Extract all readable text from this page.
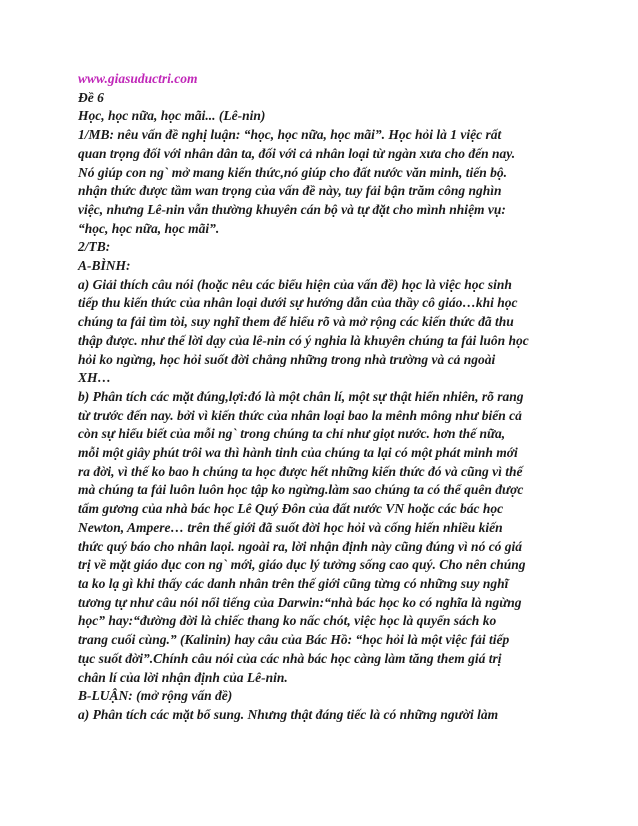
www.giasuductri.com
Đề 6
Học, học nữa, học mãi... (Lê-nin)
1/MB: nêu vấn đề nghị luận: “học, học nữa, học mãi”. Học hỏi là 1 việc rất
quan trọng đối với nhân dân ta, đối với cả nhân loại từ ngàn xưa cho đến nay.
Nó giúp con ng` mở mang kiến thức,nó giúp cho đất nước văn minh, tiến bộ.
nhận thức được tầm wan trọng của vấn đề này, tuy fải bận trăm công nghìn
việc, nhưng Lê-nin vẫn thường khuyên cán bộ và tự đặt cho mình nhiệm vụ:
“học, học nữa, học mãi”.
2/TB:
A-BÌNH:
a) Giải thích câu nói (hoặc nêu các biểu hiện của vấn đề) học là việc học sinh
tiếp thu kiến thức của nhân loại dưới sự hướng dẫn của thầy cô giáo…khi học
chúng ta fải tìm tòi, suy nghĩ them để hiểu rõ và mở rộng các kiến thức đã thu
thập được. như thế lời dạy của lê-nin có ý nghia là khuyên chúng ta fải luôn học
hỏi ko ngừng, học hỏi suốt đời chẳng những trong nhà trường và cả ngoài
XH…
b) Phân tích các mặt đúng,lợi:đó là một chân lí, một sự thật hiển nhiên, rõ rang
từ trước đến nay. bởi vì kiến thức của nhân loại bao la mênh mông như biển cả
còn sự hiểu biết của mỗi ng` trong chúng ta chỉ như giọt nước. hơn thế nữa,
mỗi một giây phút trôi wa thì hành tinh của chúng ta lại có một phát minh mới
ra đời, vì thế ko bao h chúng ta học được hết những kiến thức đó và cũng vì thế
mà chúng ta fải luôn luôn học tập ko ngừng.làm sao chúng ta có thể quên được
tấm gương của nhà bác học Lê Quý Đôn của đất nước VN hoặc các bác học
Newton, Ampere… trên thế giới đã suốt đời học hỏi và cống hiến nhiều kiến
thức quý báo cho nhân laọi. ngoài ra, lời nhận định này cũng đúng vì nó có giá
trị về mặt giáo dục con ng` mới, giáo dục lý tưởng sống cao quý. Cho nên chúng
ta ko lạ gì khi thấy các danh nhân trên thế giới cũng từng có những suy nghĩ
tương tự như câu nói nổi tiếng của Darwin:“nhà bác học ko có nghĩa là ngừng
học” hay:“đường đời là chiếc thang ko nấc chót, việc học là quyển sách ko
trang cuối cùng.” (Kalinin) hay câu của Bác Hồ: “học hỏi là một việc fải tiếp
tục suốt đời”.Chính câu nói của các nhà bác học càng làm tăng them giá trị
chân lí của lời nhận định của Lê-nin.
B-LUẬN: (mở rộng vấn đề)
a) Phân tích các mặt bổ sung. Nhưng thật đáng tiếc là có những người làm
